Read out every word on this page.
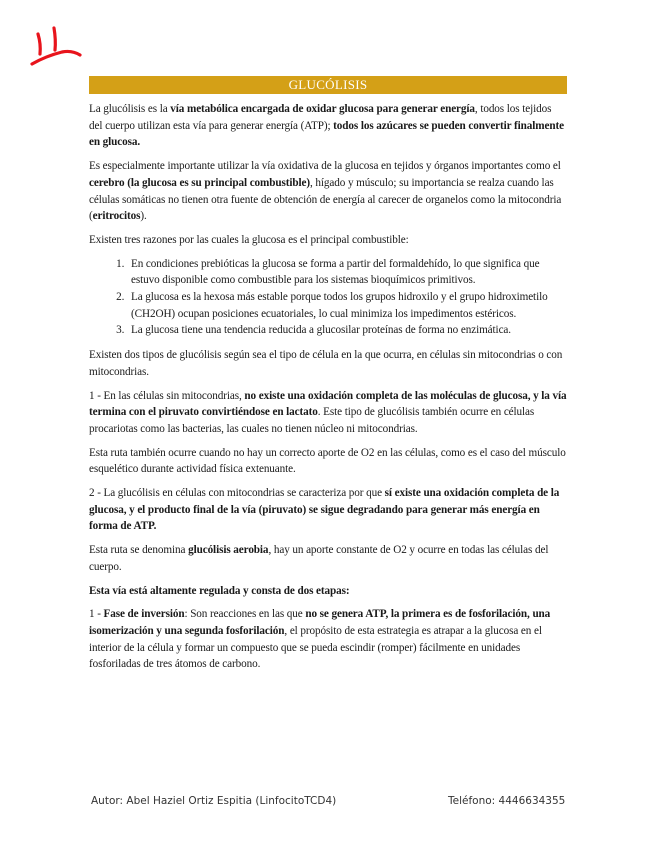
GLUCÓLISIS

La glucólisis es la vía metabólica encargada de oxidar glucosa para generar energía, todos los tejidos del cuerpo utilizan esta vía para generar energía (ATP); todos los azúcares se pueden convertir finalmente en glucosa.

Es especialmente importante utilizar la vía oxidativa de la glucosa en tejidos y órganos importantes como el cerebro (la glucosa es su principal combustible), hígado y músculo; su importancia se realza cuando las células somáticas no tienen otra fuente de obtención de energía al carecer de organelos como la mitocondria (eritrocitos).

Existen tres razones por las cuales la glucosa es el principal combustible:

1. En condiciones prebióticas la glucosa se forma a partir del formaldehído, lo que significa que estuvo disponible como combustible para los sistemas bioquímicos primitivos.
2. La glucosa es la hexosa más estable porque todos los grupos hidroxilo y el grupo hidroximetilo (CH2OH) ocupan posiciones ecuatoriales, lo cual minimiza los impedimentos estéricos.
3. La glucosa tiene una tendencia reducida a glucosilar proteínas de forma no enzimática.

Existen dos tipos de glucólisis según sea el tipo de célula en la que ocurra, en células sin mitocondrias o con mitocondrias.

1 - En las células sin mitocondrias, no existe una oxidación completa de las moléculas de glucosa, y la vía termina con el piruvato convirtiéndose en lactato. Este tipo de glucólisis también ocurre en células procariotas como las bacterias, las cuales no tienen núcleo ni mitocondrias.

Esta ruta también ocurre cuando no hay un correcto aporte de O2 en las células, como es el caso del músculo esquelético durante actividad física extenuante.

2 - La glucólisis en células con mitocondrias se caracteriza por que sí existe una oxidación completa de la glucosa, y el producto final de la vía (piruvato) se sigue degradando para generar más energía en forma de ATP.

Esta ruta se denomina glucólisis aerobia, hay un aporte constante de O2 y ocurre en todas las células del cuerpo.

Esta vía está altamente regulada y consta de dos etapas:

1 - Fase de inversión: Son reacciones en las que no se genera ATP, la primera es de fosforilación, una isomerización y una segunda fosforilación, el propósito de esta estrategia es atrapar a la glucosa en el interior de la célula y formar un compuesto que se pueda escindir (romper) fácilmente en unidades fosforiladas de tres átomos de carbono.

Autor: Abel Haziel Ortiz Espitia (LinfocitoTCD4)	Teléfono: 4446634355
